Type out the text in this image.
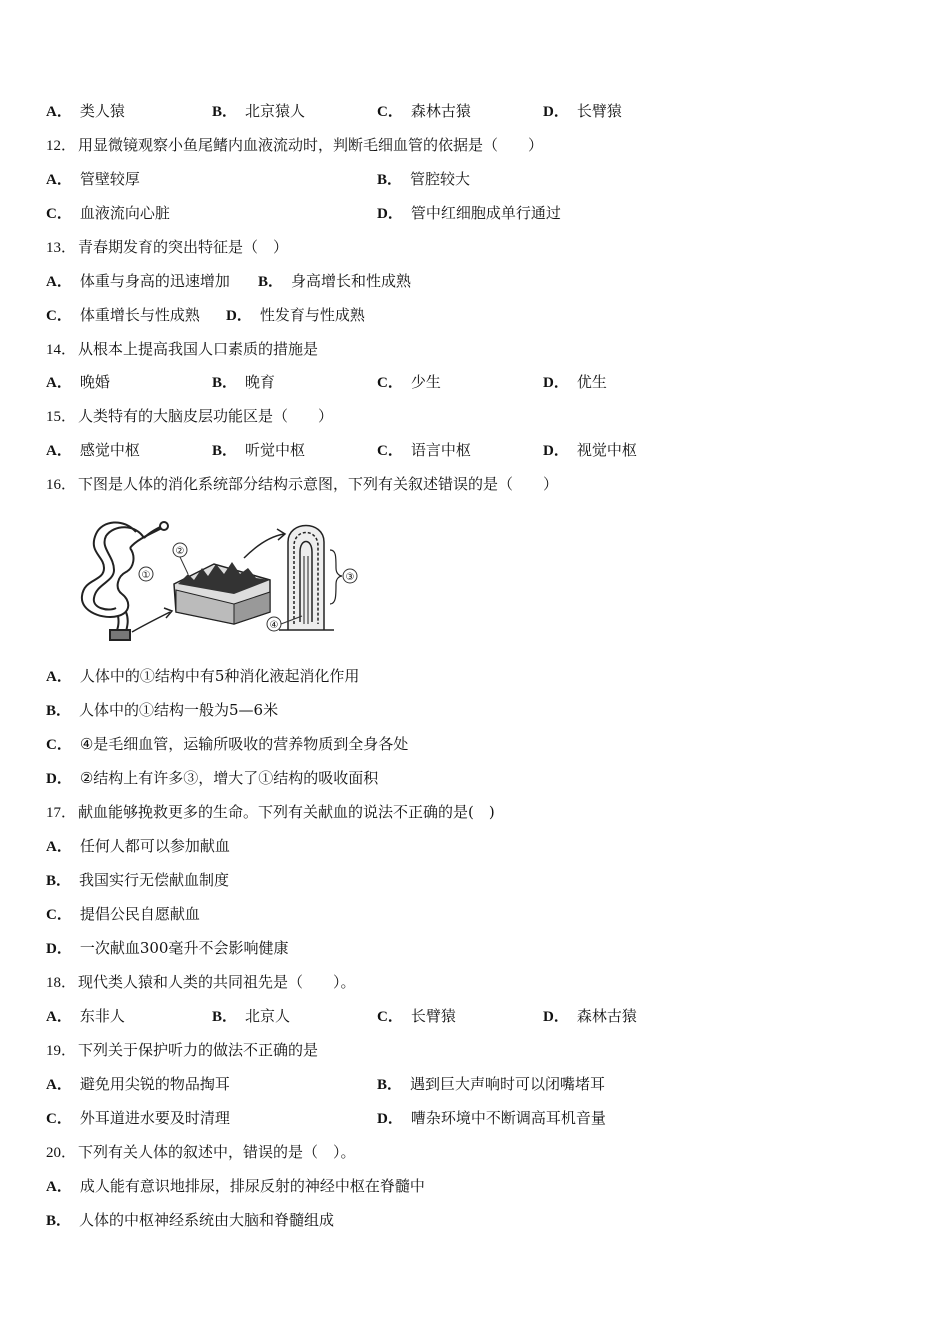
A． 类人猿	B． 北京猿人	C． 森林古猿	D． 长臂猿
12． 用显微镜观察小鱼尾鳍内血液流动时，判断毛细血管的依据是（　　）
A． 管壁较厚	B． 管腔较大
C． 血液流向心脏	D． 管中红细胞成单行通过
13． 青春期发育的突出特征是（　）
A． 体重与身高的迅速增加 B． 身高增长和性成熟
C． 体重增长与性成熟 D． 性发育与性成熟
14． 从根本上提高我国人口素质的措施是
A． 晚婚	B． 晚育	C． 少生	D． 优生
15． 人类特有的大脑皮层功能区是（　　）
A． 感觉中枢	B． 听觉中枢	C． 语言中枢	D． 视觉中枢
16． 下图是人体的消化系统部分结构示意图，下列有关叙述错误的是（　　）
①
②
③
④
A． 人体中的①结构中有5种消化液起消化作用
B． 人体中的①结构一般为5—6米
C． ④是毛细血管，运输所吸收的营养物质到全身各处
D． ②结构上有许多③，增大了①结构的吸收面积
17． 献血能够挽救更多的生命。下列有关献血的说法不正确的是(　)
A． 任何人都可以参加献血
B． 我国实行无偿献血制度
C． 提倡公民自愿献血
D． 一次献血300毫升不会影响健康
18． 现代类人猿和人类的共同祖先是（　　）。
A． 东非人	B． 北京人	C． 长臂猿	D． 森林古猿
19． 下列关于保护听力的做法不正确的是
A． 避免用尖锐的物品掏耳	B． 遇到巨大声响时可以闭嘴堵耳
C． 外耳道进水要及时清理	D． 嘈杂环境中不断调高耳机音量
20． 下列有关人体的叙述中，错误的是（　）。
A． 成人能有意识地排尿，排尿反射的神经中枢在脊髓中
B． 人体的中枢神经系统由大脑和脊髓组成
